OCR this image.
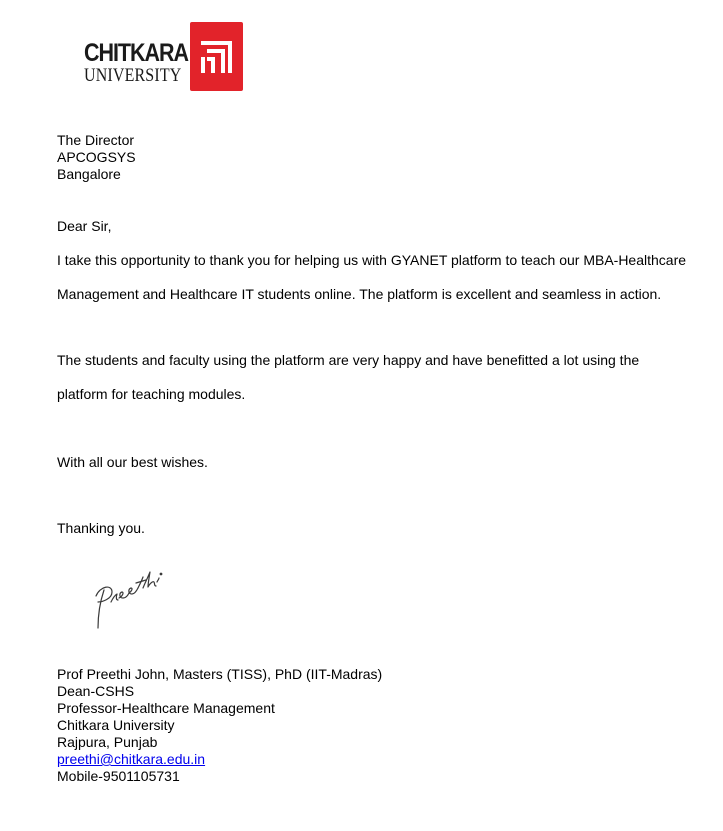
CHITKARA
UNIVERSITY
The Director
APCOGSYS
Bangalore
Dear Sir,
I take this opportunity to thank you for helping us with GYANET platform to teach our MBA-Healthcare Management and Healthcare IT students online. The platform is excellent and seamless in action.
The students and faculty using the platform are very happy and have benefitted a lot using the platform for teaching modules.
With all our best wishes.
Thanking you.
Prof Preethi John, Masters (TISS), PhD (IIT-Madras)
Dean-CSHS
Professor-Healthcare Management
Chitkara University
Rajpura, Punjab
preethi@chitkara.edu.in
Mobile-9501105731
